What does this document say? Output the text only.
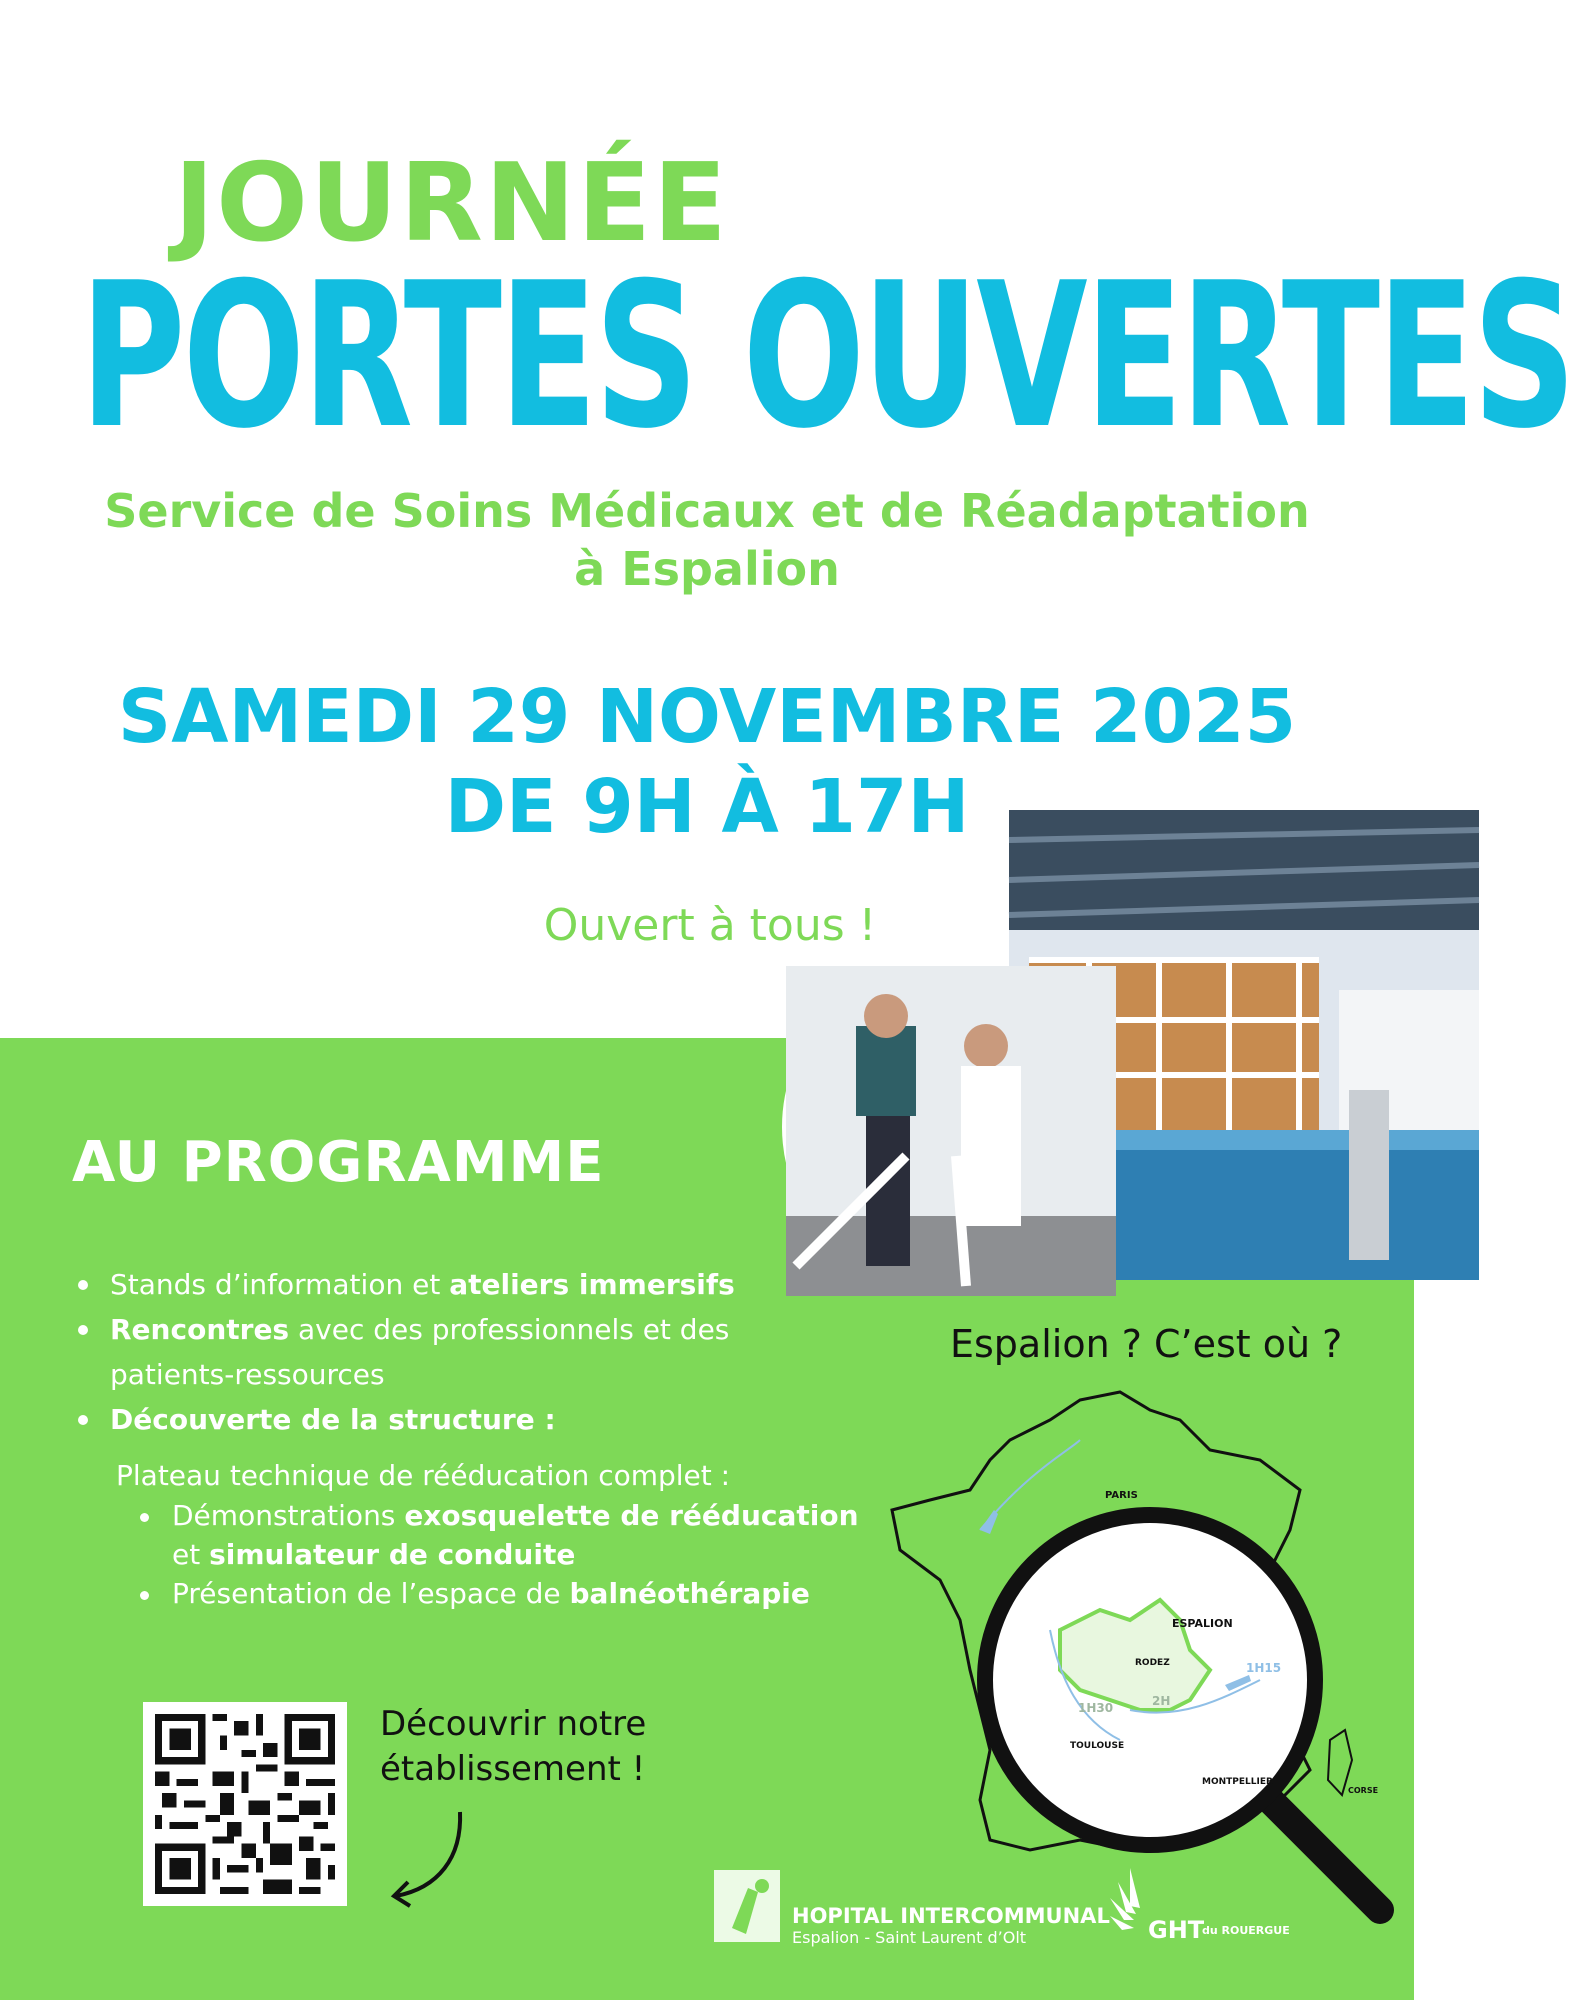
JOURNÉE
PORTES OUVERTES
Service de Soins Médicaux et de Réadaptation
à Espalion
SAMEDI 29 NOVEMBRE 2025
DE 9H À 17H
Ouvert à tous !
AU PROGRAMME
Stands d’information et ateliers immersifs
Rencontres avec des professionnels et des patients-ressources
Découverte de la structure :
Plateau technique de rééducation complet :
Démonstrations exosquelette de rééducation et simulateur de conduite
Présentation de l’espace de balnéothérapie
Découvrir notre
établissement !
Espalion ? C’est où ?
PARIS
ESPALION
RODEZ
TOULOUSE
MONTPELLIER
CORSE
1H15
1H30	2H
HOPITAL INTERCOMMUNAL
Espalion - Saint Laurent d’Olt	GHT
du ROUERGUE
